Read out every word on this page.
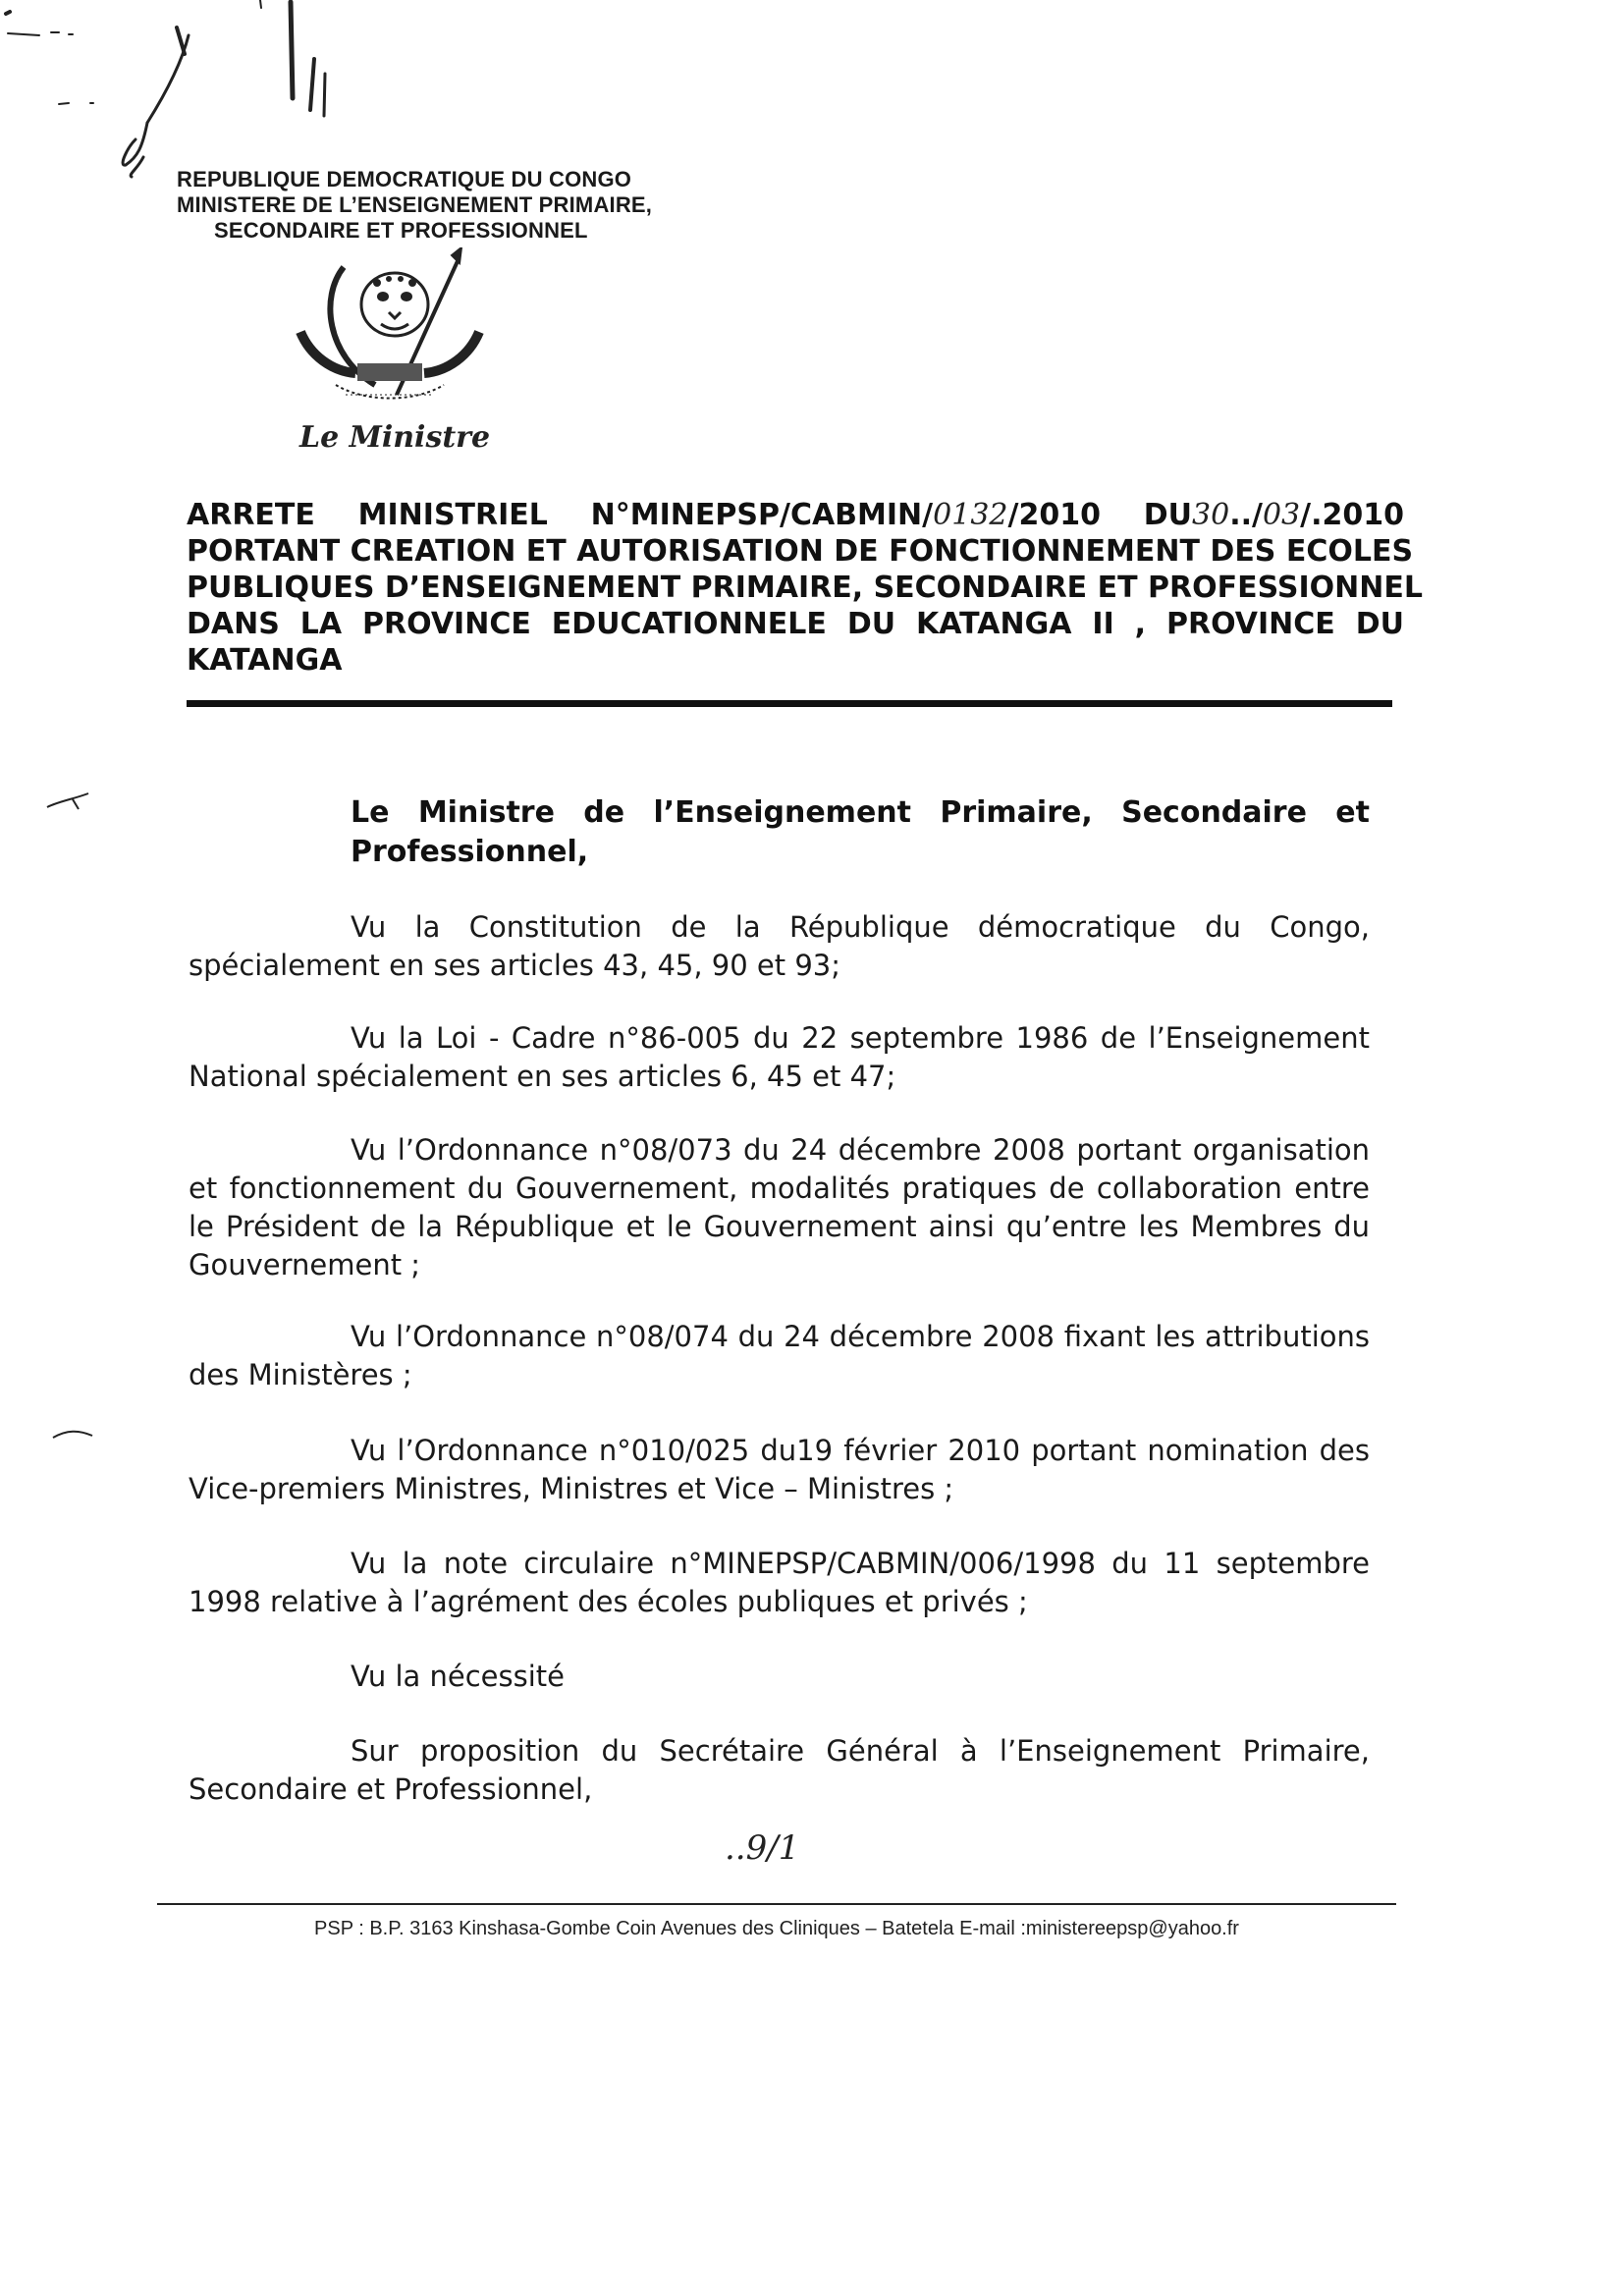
REPUBLIQUE DEMOCRATIQUE DU CONGO
MINISTERE DE L’ENSEIGNEMENT PRIMAIRE,
SECONDAIRE ET PROFESSIONNEL
Le Ministre
ARRETE MINISTRIEL N°MINEPSP/CABMIN/0132/2010 DU30../03/.2010
PORTANT CREATION ET AUTORISATION DE FONCTIONNEMENT DES ECOLES
PUBLIQUES D’ENSEIGNEMENT PRIMAIRE, SECONDAIRE ET PROFESSIONNEL
DANS LA PROVINCE EDUCATIONNELE DU KATANGA II , PROVINCE DU
KATANGA
Le Ministre de l’Enseignement Primaire, Secondaire et
Professionnel,
Vu la Constitution de la République démocratique du Congo, spécialement en ses articles 43, 45, 90 et 93;
Vu la Loi - Cadre n°86-005 du 22 septembre 1986 de l’Enseignement National spécialement en ses articles 6, 45 et 47;
Vu l’Ordonnance n°08/073 du 24 décembre 2008 portant organisation et fonctionnement du Gouvernement, modalités pratiques de collaboration entre le Président de la République et le Gouvernement ainsi qu’entre les Membres du Gouvernement ;
Vu l’Ordonnance n°08/074 du 24 décembre 2008 fixant les attributions des Ministères ;
Vu l’Ordonnance n°010/025 du19 février 2010 portant nomination des Vice-premiers Ministres, Ministres et Vice – Ministres ;
Vu la note circulaire n°MINEPSP/CABMIN/006/1998 du 11 septembre 1998 relative à l’agrément des écoles publiques et privés ;
Vu la nécessité
Sur proposition du Secrétaire Général à l’Enseignement Primaire, Secondaire et Professionnel,
..9/1
PSP : B.P. 3163 Kinshasa-Gombe Coin Avenues des Cliniques – Batetela E-mail :ministereepsp@yahoo.fr
